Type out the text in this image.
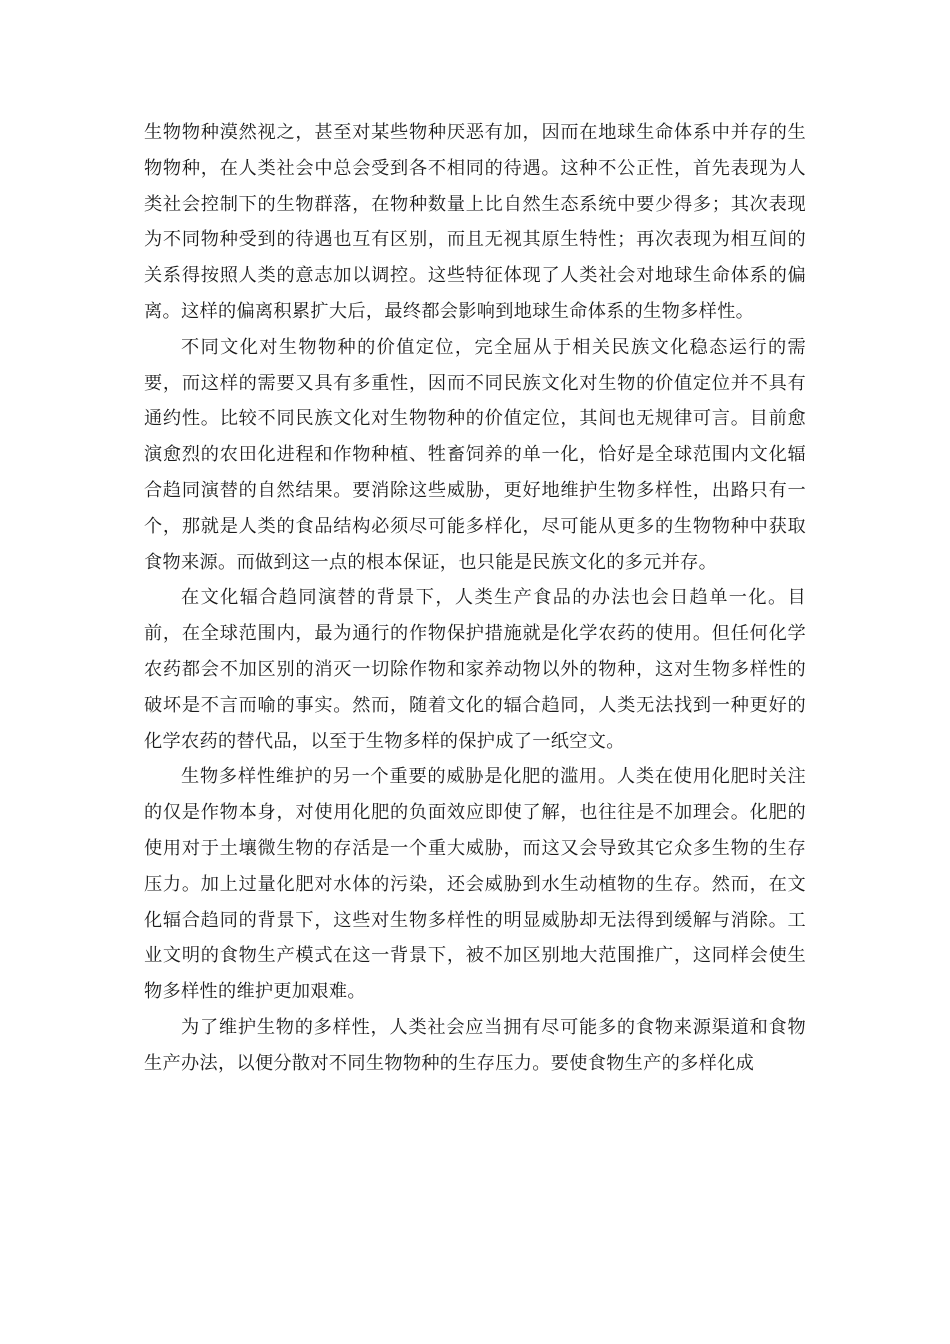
生物物种漠然视之，甚至对某些物种厌恶有加，因而在地球生命体系中并存的生物物种，在人类社会中总会受到各不相同的待遇。这种不公正性，首先表现为人类社会控制下的生物群落，在物种数量上比自然生态系统中要少得多；其次表现为不同物种受到的待遇也互有区别，而且无视其原生特性；再次表现为相互间的关系得按照人类的意志加以调控。这些特征体现了人类社会对地球生命体系的偏离。这样的偏离积累扩大后，最终都会影响到地球生命体系的生物多样性。

不同文化对生物物种的价值定位，完全屈从于相关民族文化稳态运行的需要，而这样的需要又具有多重性，因而不同民族文化对生物的价值定位并不具有通约性。比较不同民族文化对生物物种的价值定位，其间也无规律可言。目前愈演愈烈的农田化进程和作物种植、牲畜饲养的单一化，恰好是全球范围内文化辐合趋同演替的自然结果。要消除这些威胁，更好地维护生物多样性，出路只有一个，那就是人类的食品结构必须尽可能多样化，尽可能从更多的生物物种中获取食物来源。而做到这一点的根本保证，也只能是民族文化的多元并存。

在文化辐合趋同演替的背景下，人类生产食品的办法也会日趋单一化。目前，在全球范围内，最为通行的作物保护措施就是化学农药的使用。但任何化学农药都会不加区别的消灭一切除作物和家养动物以外的物种，这对生物多样性的破坏是不言而喻的事实。然而，随着文化的辐合趋同，人类无法找到一种更好的化学农药的替代品，以至于生物多样的保护成了一纸空文。

生物多样性维护的另一个重要的威胁是化肥的滥用。人类在使用化肥时关注的仅是作物本身，对使用化肥的负面效应即使了解，也往往是不加理会。化肥的使用对于土壤微生物的存活是一个重大威胁，而这又会导致其它众多生物的生存压力。加上过量化肥对水体的污染，还会威胁到水生动植物的生存。然而，在文化辐合趋同的背景下，这些对生物多样性的明显威胁却无法得到缓解与消除。工业文明的食物生产模式在这一背景下，被不加区别地大范围推广，这同样会使生物多样性的维护更加艰难。

为了维护生物的多样性，人类社会应当拥有尽可能多的食物来源渠道和食物生产办法，以便分散对不同生物物种的生存压力。要使食物生产的多样化成
